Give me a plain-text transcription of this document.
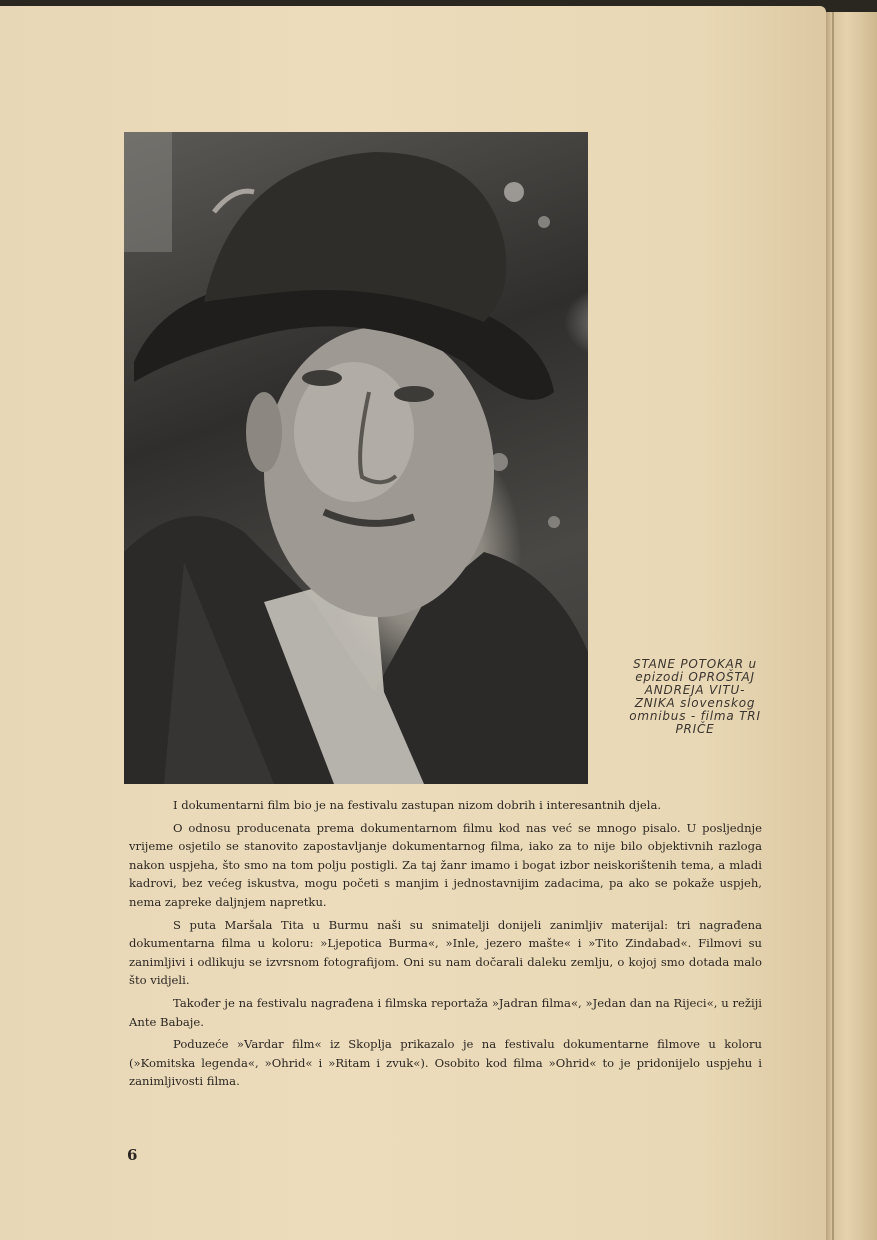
STANE POTOKAR u
epizodi OPROŠTAJ
ANDREJA VITU-
ZNIKA slovenskog
omnibus - filma TRI
PRIČE

I dokumentarni film bio je na festivalu zastupan nizom dobrih i interesantnih djela.

O odnosu producenata prema dokumentarnom filmu kod nas već se mnogo pisalo. U posljednje vrijeme osjetilo se stanovito zapostavljanje dokumentarnog filma, iako za to nije bilo objektivnih razloga nakon uspjeha, što smo na tom polju postigli. Za taj žanr imamo i bogat izbor neiskorištenih tema, a mladi kadrovi, bez većeg iskustva, mogu početi s manjim i jednostavnijim zadacima, pa ako se pokaže uspjeh, nema zapreke daljnjem napretku.

S puta Maršala Tita u Burmu naši su snimatelji donijeli zanimljiv materijal: tri nagrađena dokumentarna filma u koloru: »Ljepotica Burma«, »Inle, jezero mašte« i »Tito Zindabad«. Filmovi su zanimljivi i odlikuju se izvrsnom fotografijom. Oni su nam dočarali daleku zemlju, o kojoj smo dotada malo što vidjeli.

Također je na festivalu nagrađena i filmska reportaža »Jadran filma«, »Jedan dan na Rijeci«, u režiji Ante Babaje.

Poduzeće »Vardar film« iz Skoplja prikazalo je na festivalu dokumentarne filmove u koloru (»Komitska legenda«, »Ohrid« i »Ritam i zvuk«). Osobito kod filma »Ohrid« to je pridonijelo uspjehu i zanimljivosti filma.

6
